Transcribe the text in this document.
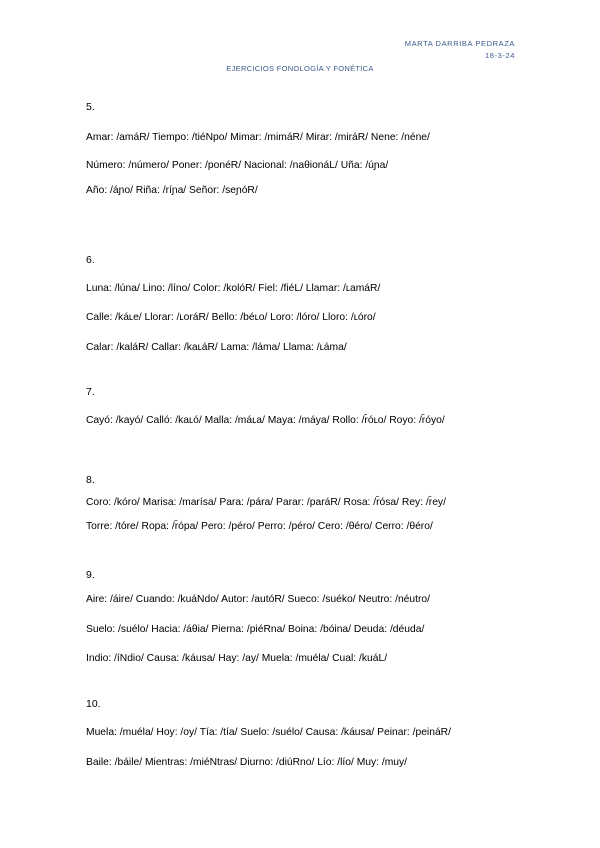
MARTA DARRIBA PEDRAZA
18-3-24
EJERCICIOS FONOLOGÍA Y FONÉTICA
5.
Amar: /amáR/ Tiempo: /tiéNpo/ Mimar: /mimáR/ Mirar: /miráR/ Nene: /néne/
Número: /número/ Poner: /ponéR/ Nacional: /naθionáL/ Uña: /úɲa/
Año: /áɲo/ Riña: /ríɲa/ Señor: /seɲóR/
6.
Luna: /lúna/ Lino: /líno/ Color: /kolóR/ Fiel: /fiéL/ Llamar: /ʟamáR/
Calle: /káʟe/ Llorar: /ʟoráR/ Bello: /béʟo/ Loro: /lóro/ Lloro: /ʟóro/
Calar: /kaláR/ Callar: /kaʟáR/ Lama: /láma/ Llama: /ʟáma/
7.
Cayó: /kayó/ Calló: /kaʟó/ Malla: /máʟa/ Maya: /máya/ Rollo: /r̄óʟo/ Royo: /r̄óyo/
8.
Coro: /kóro/ Marisa: /marísa/ Para: /pára/ Parar: /paráR/ Rosa: /r̄ósa/ Rey: /r̄ey/
Torre: /tóre/ Ropa: /r̄ópa/ Pero: /péro/ Perro: /péro/ Cero: /θéro/ Cerro: /θéro/
9.
Aire: /áire/ Cuando: /kuáNdo/ Autor: /autóR/ Sueco: /suéko/ Neutro: /néutro/
Suelo: /suélo/ Hacia: /áθia/ Pierna: /piéRna/ Boina: /bóina/ Deuda: /déuda/
Indio: /íNdio/ Causa: /káusa/ Hay: /ay/ Muela: /muéla/ Cual: /kuáL/
10.
Muela: /muéla/ Hoy: /oy/ Tía: /tía/ Suelo: /suélo/ Causa: /káusa/ Peinar: /peináR/
Baile: /báile/ Mientras: /miéNtras/ Diurno: /diúRno/ Lío: /lío/ Muy: /muy/
